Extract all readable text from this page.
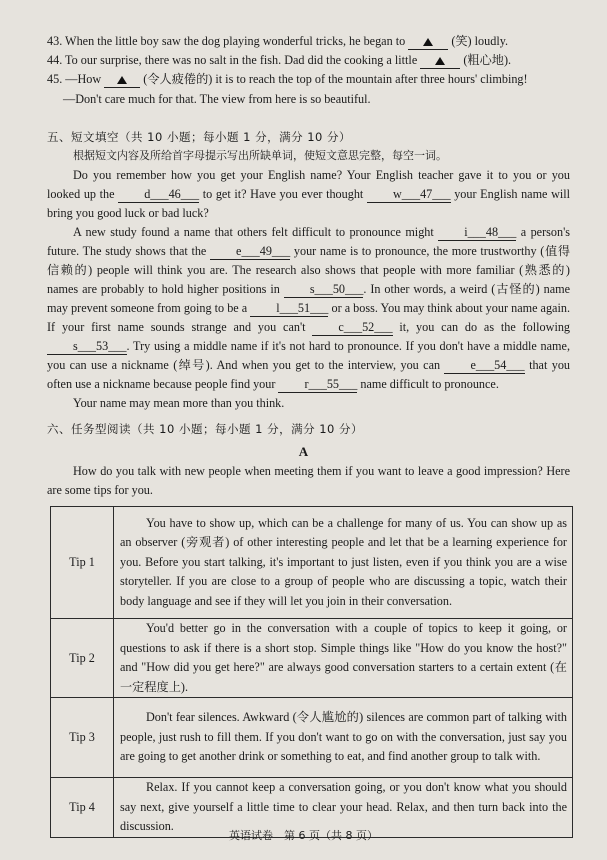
43. When the little boy saw the dog playing wonderful tricks, he began to	(笑) loudly.
44. To our surprise, there was no salt in the fish. Dad did the cooking a little	(粗心地).
45. —How	(令人疲倦的) it is to reach the top of the mountain after three hours' climbing!
—Don't care much for that. The view from here is so beautiful.
五、短文填空（共 10 小题；每小题 1 分，满分 10 分）
根据短文内容及所给首字母提示写出所缺单词，使短文意思完整，每空一词。

Do you remember how you get your English name? Your English teacher gave it to you or you looked up the d___46___ to get it? Have you ever thought w___47___ your English name will bring you good luck or bad luck?

A new study found a name that others felt difficult to pronounce might i___48___ a person's future. The study shows that the e___49___ your name is to pronounce, the more trustworthy (值得信赖的) people will think you are. The research also shows that people with more familiar (熟悉的) names are probably to hold higher positions in s___50___. In other words, a weird (古怪的) name may prevent someone from going to be a l___51___ or a boss. You may think about your name again. If your first name sounds strange and you can't	c___52___ it, you can do as the following s___53___. Try using a middle name if it's not hard to pronounce. If you don't have a middle name, you can use a nickname (绰号). And when you get to the interview, you can e___54___ that you often use a nickname because people find your r___55___ name difficult to pronounce.

Your name may mean more than you think.

六、任务型阅读（共 10 小题；每小题 1 分，满分 10 分）
A

How do you talk with new people when meeting them if you want to leave a good impression? Here are some tips for you.

Tip 1	You have to show up, which can be a challenge for many of us. You can show up as an observer (旁观者) of other interesting people and let that be a learning experience for you. Before you start talking, it's important to just listen, even if you think you are a wise storyteller. If you are close to a group of people who are discussing a topic, watch their body language and see if they will let you join in their conversation.

Tip 2	You'd better go in the conversation with a couple of topics to keep it going, or questions to ask if there is a short stop. Simple things like "How do you know the host?" and "How did you get here?" are always good conversation starters to a certain extent (在一定程度上).

Tip 3	Don't fear silences. Awkward (令人尴尬的) silences are common part of talking with people, just rush to fill them. If you don't want to go on with the conversation, just say you are going to get another drink or something to eat, and find another group to talk with.

Tip 4	Relax. If you cannot keep a conversation going, or you don't know what you should say next, give yourself a little time to clear your head. Relax, and then turn back into the discussion.
英语试卷　第 6 页（共 8 页）
